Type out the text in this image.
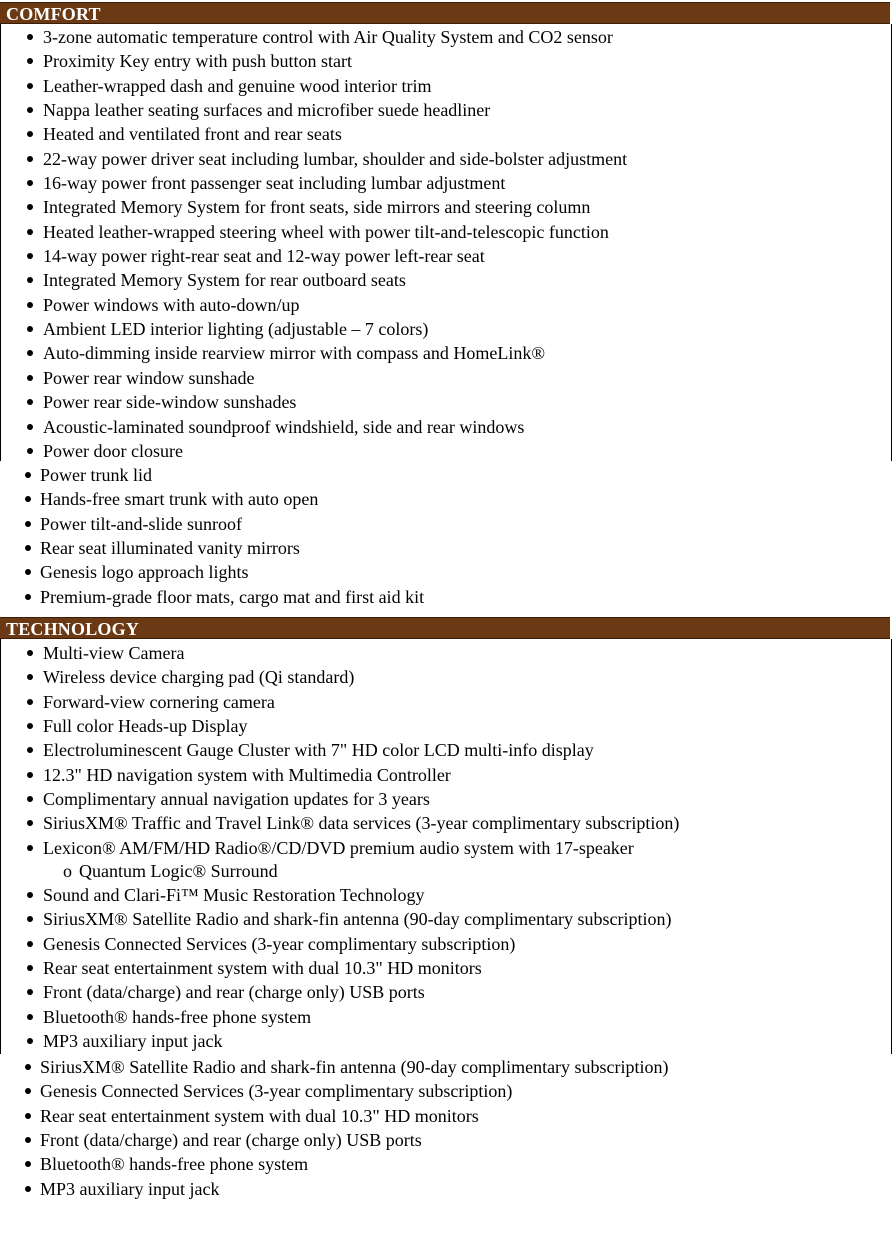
COMFORT
3-zone automatic temperature control with Air Quality System and CO2 sensor
Proximity Key entry with push button start
Leather-wrapped dash and genuine wood interior trim
Nappa leather seating surfaces and microfiber suede headliner
Heated and ventilated front and rear seats
22-way power driver seat including lumbar, shoulder and side-bolster adjustment
16-way power front passenger seat including lumbar adjustment
Integrated Memory System for front seats, side mirrors and steering column
Heated leather-wrapped steering wheel with power tilt-and-telescopic function
14-way power right-rear seat and 12-way power left-rear seat
Integrated Memory System for rear outboard seats
Power windows with auto-down/up
Ambient LED interior lighting (adjustable – 7 colors)
Auto-dimming inside rearview mirror with compass and HomeLink®
Power rear window sunshade
Power rear side-window sunshades
Acoustic-laminated soundproof windshield, side and rear windows
Power door closure
Power trunk lid
Hands-free smart trunk with auto open
Power tilt-and-slide sunroof
Rear seat illuminated vanity mirrors
Genesis logo approach lights
Premium-grade floor mats, cargo mat and first aid kit
TECHNOLOGY
Multi-view Camera
Wireless device charging pad (Qi standard)
Forward-view cornering camera
Full color Heads-up Display
Electroluminescent Gauge Cluster with 7" HD color LCD multi-info display
12.3" HD navigation system with Multimedia Controller
Complimentary annual navigation updates for 3 years
SiriusXM® Traffic and Travel Link® data services (3-year complimentary subscription)
Lexicon® AM/FM/HD Radio®/CD/DVD premium audio system with 17-speaker
o Quantum Logic® Surround
Sound and Clari-Fi™ Music Restoration Technology
SiriusXM® Satellite Radio and shark-fin antenna (90-day complimentary subscription)
Genesis Connected Services (3-year complimentary subscription)
Rear seat entertainment system with dual 10.3" HD monitors
Front (data/charge) and rear (charge only) USB ports
Bluetooth® hands-free phone system
MP3 auxiliary input jack
SiriusXM® Satellite Radio and shark-fin antenna (90-day complimentary subscription)
Genesis Connected Services (3-year complimentary subscription)
Rear seat entertainment system with dual 10.3" HD monitors
Front (data/charge) and rear (charge only) USB ports
Bluetooth® hands-free phone system
MP3 auxiliary input jack
